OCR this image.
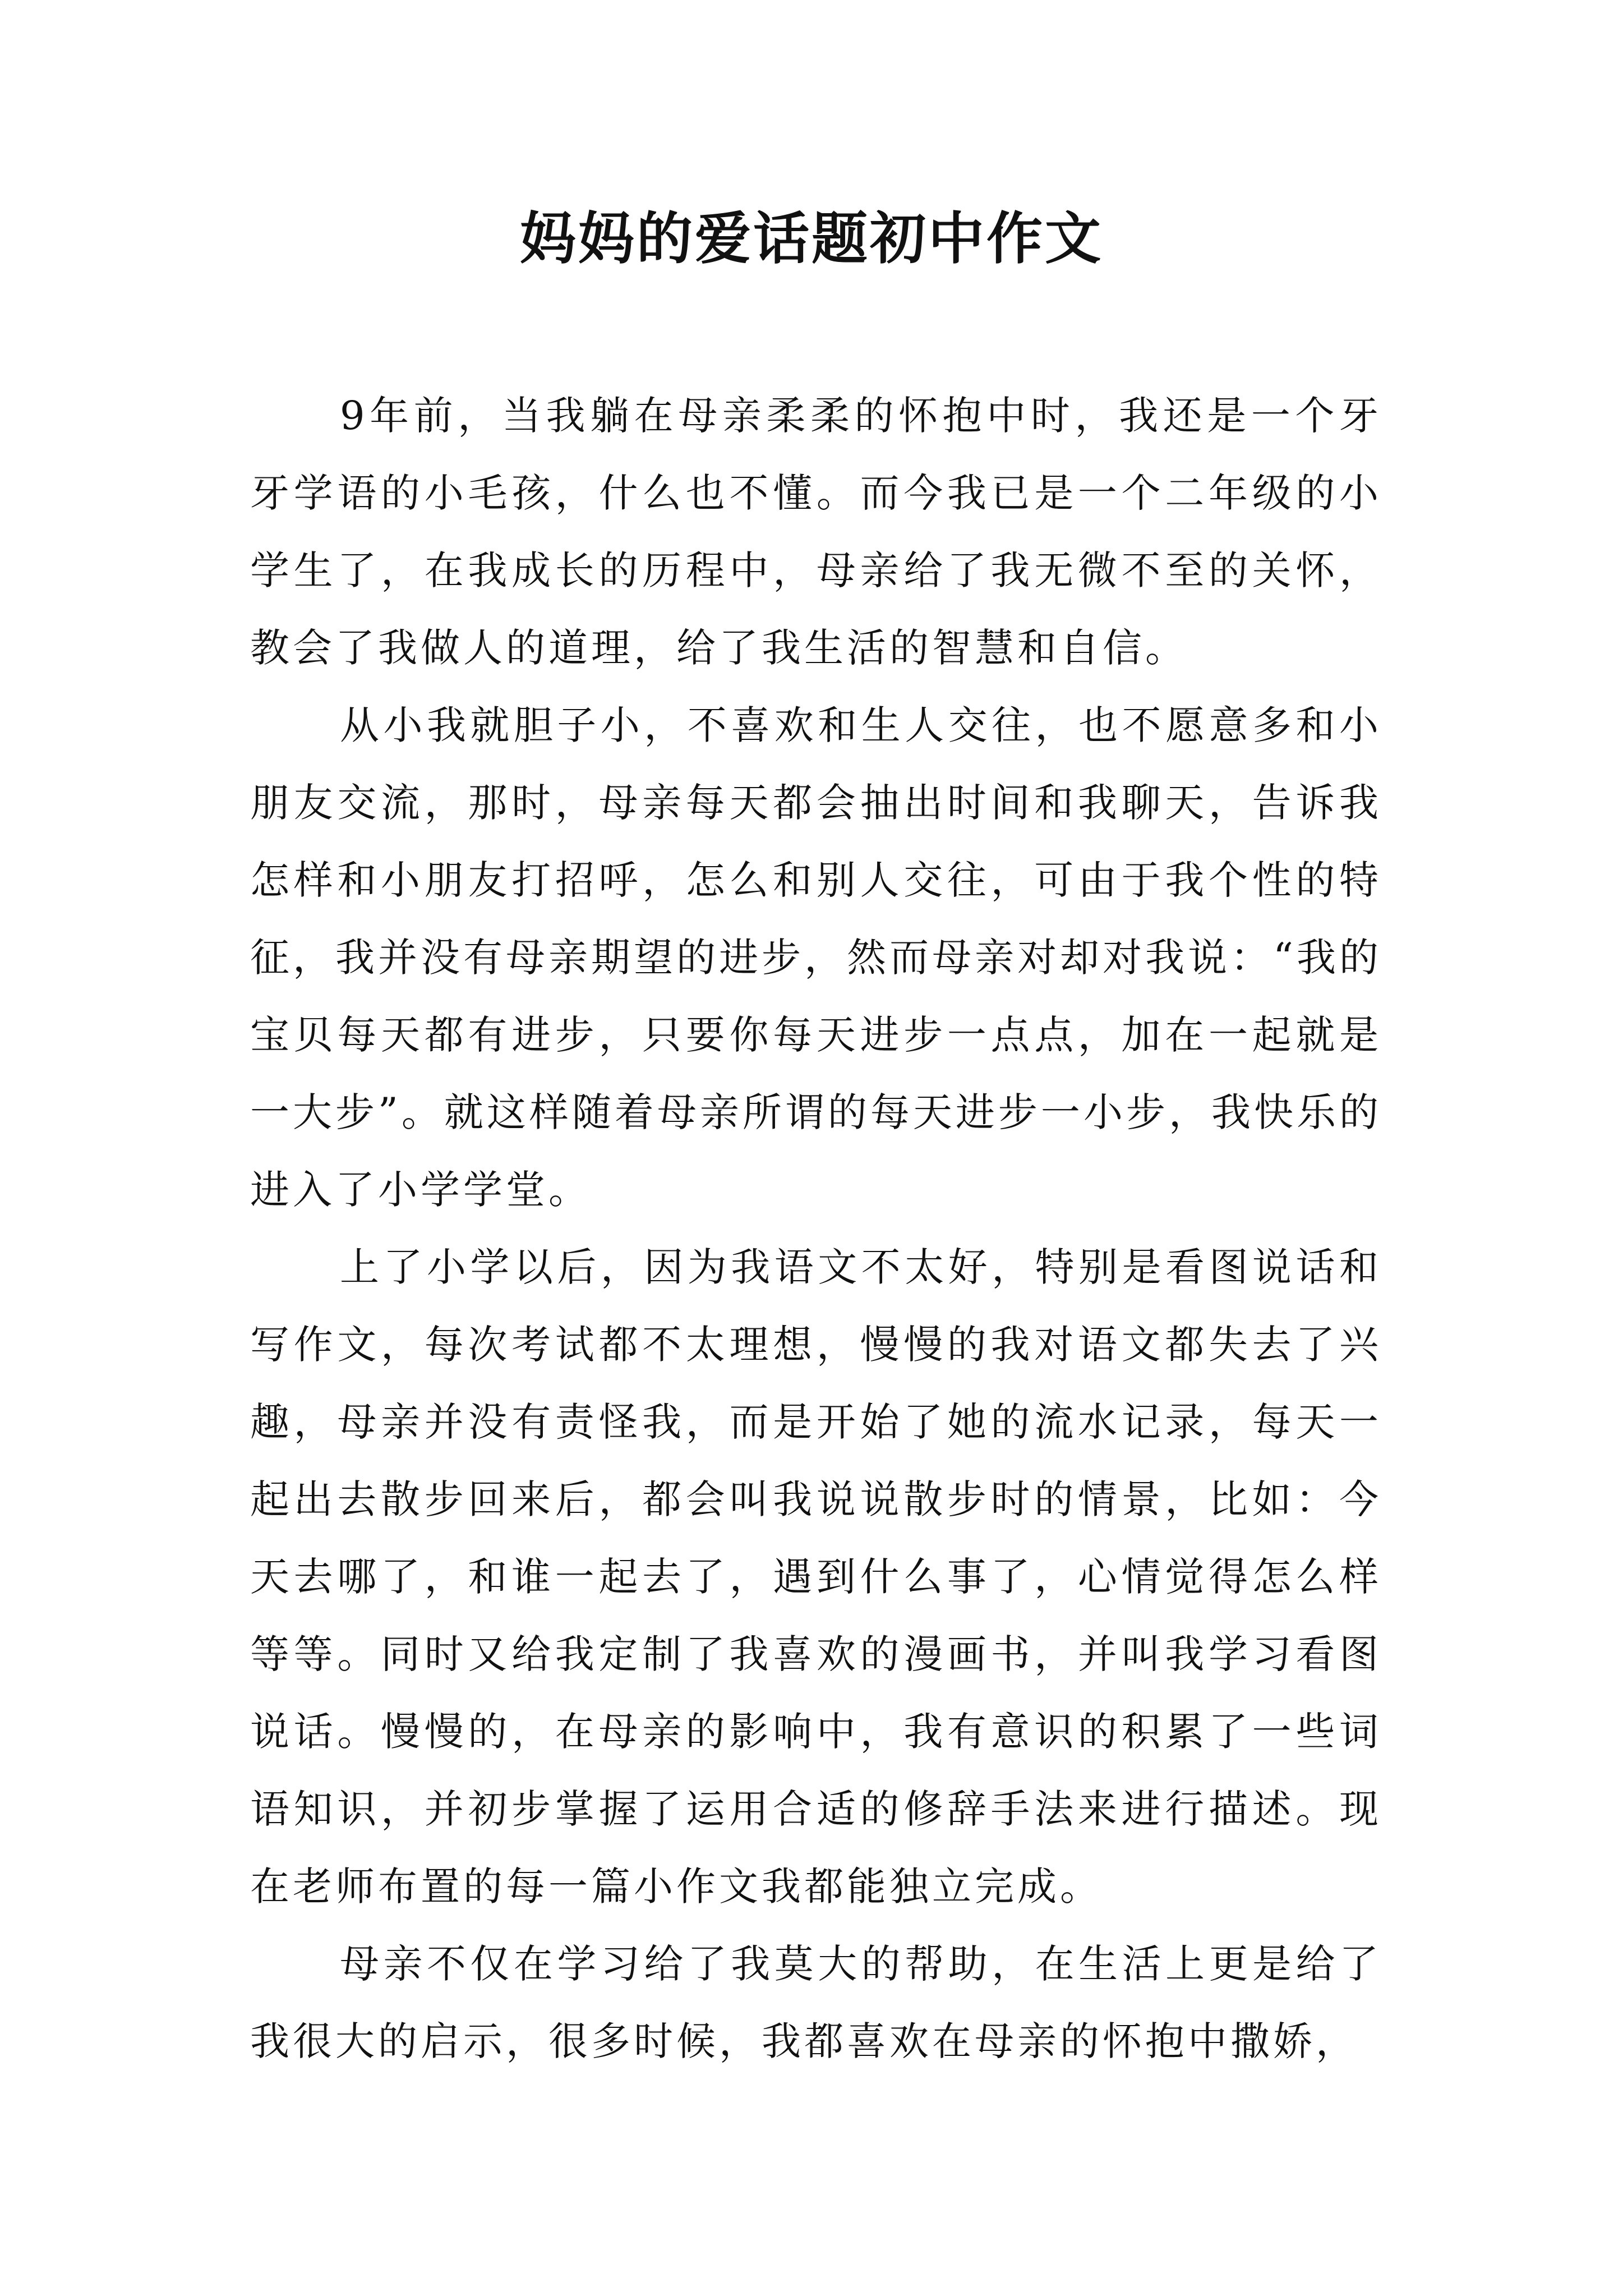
妈妈的爱话题初中作文

9年前，当我躺在母亲柔柔的怀抱中时，我还是一个牙牙学语的小毛孩，什么也不懂。而今我已是一个二年级的小学生了，在我成长的历程中，母亲给了我无微不至的关怀，教会了我做人的道理，给了我生活的智慧和自信。

从小我就胆子小，不喜欢和生人交往，也不愿意多和小朋友交流，那时，母亲每天都会抽出时间和我聊天，告诉我怎样和小朋友打招呼，怎么和别人交往，可由于我个性的特征，我并没有母亲期望的进步，然而母亲对却对我说：“我的宝贝每天都有进步，只要你每天进步一点点，加在一起就是一大步”。就这样随着母亲所谓的每天进步一小步，我快乐的进入了小学学堂。

上了小学以后，因为我语文不太好，特别是看图说话和写作文，每次考试都不太理想，慢慢的我对语文都失去了兴趣，母亲并没有责怪我，而是开始了她的流水记录，每天一起出去散步回来后，都会叫我说说散步时的情景，比如：今天去哪了，和谁一起去了，遇到什么事了，心情觉得怎么样等等。同时又给我定制了我喜欢的漫画书，并叫我学习看图说话。慢慢的，在母亲的影响中，我有意识的积累了一些词语知识，并初步掌握了运用合适的修辞手法来进行描述。现在老师布置的每一篇小作文我都能独立完成。

母亲不仅在学习给了我莫大的帮助，在生活上更是给了我很大的启示，很多时候，我都喜欢在母亲的怀抱中撒娇，
